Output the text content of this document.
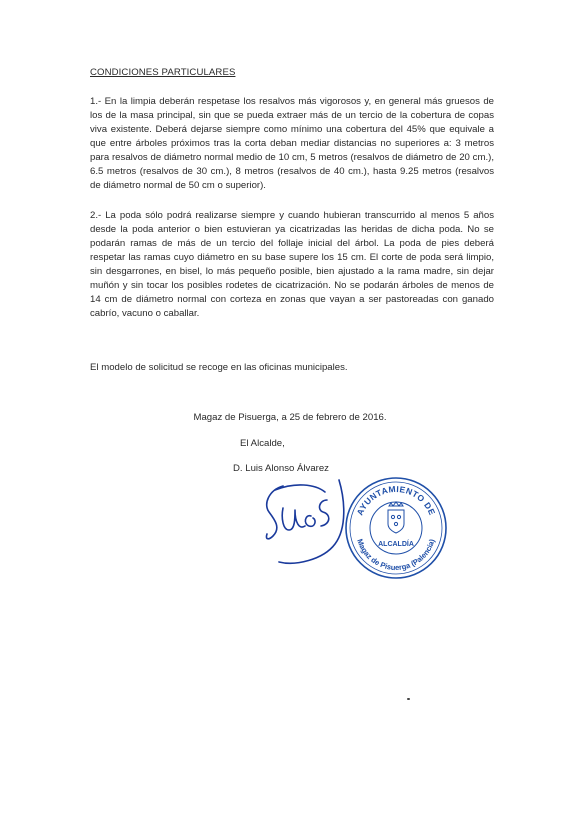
CONDICIONES PARTICULARES

1.- En la limpia deberán respetase los resalvos más vigorosos y, en general más gruesos de los de la masa principal, sin que se pueda extraer más de un tercio de la cobertura de copas viva existente. Deberá dejarse siempre como mínimo una cobertura del 45% que equivale a que entre árboles próximos tras la corta deban mediar distancias no superiores a: 3 metros para resalvos de diámetro normal medio de 10 cm, 5 metros (resalvos de diámetro de 20 cm.), 6.5 metros (resalvos de 30 cm.), 8 metros (resalvos de 40 cm.), hasta 9.25 metros (resalvos de diámetro normal de 50 cm o superior).

2.- La poda sólo podrá realizarse siempre y cuando hubieran transcurrido al menos 5 años desde la poda anterior o bien estuvieran ya cicatrizadas las heridas de dicha poda. No se podarán ramas de más de un tercio del follaje inicial del árbol. La poda de pies deberá respetar las ramas cuyo diámetro en su base supere los 15 cm. El corte de poda será limpio, sin desgarrones, en bisel, lo más pequeño posible, bien ajustado a la rama madre, sin dejar muñón y sin tocar los posibles rodetes de cicatrización. No se podarán árboles de menos de 14 cm de diámetro normal con corteza en zonas que vayan a ser pastoreadas con ganado cabrío, vacuno o caballar.

El modelo de solicitud se recoge en las oficinas municipales.
Magaz de Pisuerga, a 25 de febrero de 2016.
El Alcalde,
D. Luis Alonso Álvarez
AYUNTAMIENTO DE
Magaz de Pisuerga (Palencia)
ALCALDÍA
